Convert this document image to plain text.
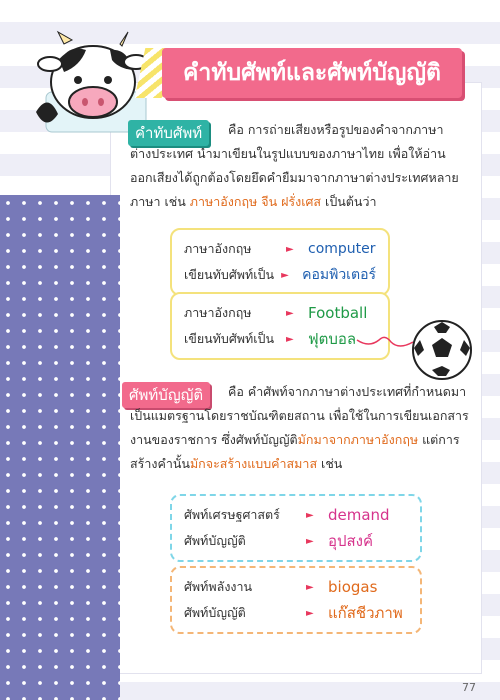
คำทับศัพท์และศัพท์บัญญัติ
คำทับศัพท์	คือ การถ่ายเสียงหรือรูปของคำจากภาษา
ต่างประเทศ นำมาเขียนในรูปแบบของภาษาไทย เพื่อให้อ่าน
ออกเสียงได้ถูกต้องโดยยึดคำยืมมาจากภาษาต่างประเทศหลาย
ภาษา เช่น ภาษาอังกฤษ จีน ฝรั่งเศส เป็นต้นว่า
ภาษาอังกฤษ	►	computer
เขียนทับศัพท์เป็น ► คอมพิวเตอร์
ภาษาอังกฤษ	► Football
เขียนทับศัพท์เป็น	► ฟุตบอล
ศัพท์บัญญัติ	คือ คำศัพท์จากภาษาต่างประเทศที่กำหนดมา
เป็นแมตรฐานโดยราชบัณฑิตยสถาน เพื่อใช้ในการเขียนเอกสาร
งานของราชการ ซึ่งศัพท์บัญญัติมักมาจากภาษาอังกฤษ แต่การ
สร้างคำนั้นมักจะสร้างแบบคำสมาส เช่น
ศัพท์เศรษฐศาสตร์	► demand
ศัพท์บัญญัติ	► อุปสงค์
ศัพท์พลังงาน	► biogas
ศัพท์บัญญัติ	► แก๊สชีวภาพ
77
